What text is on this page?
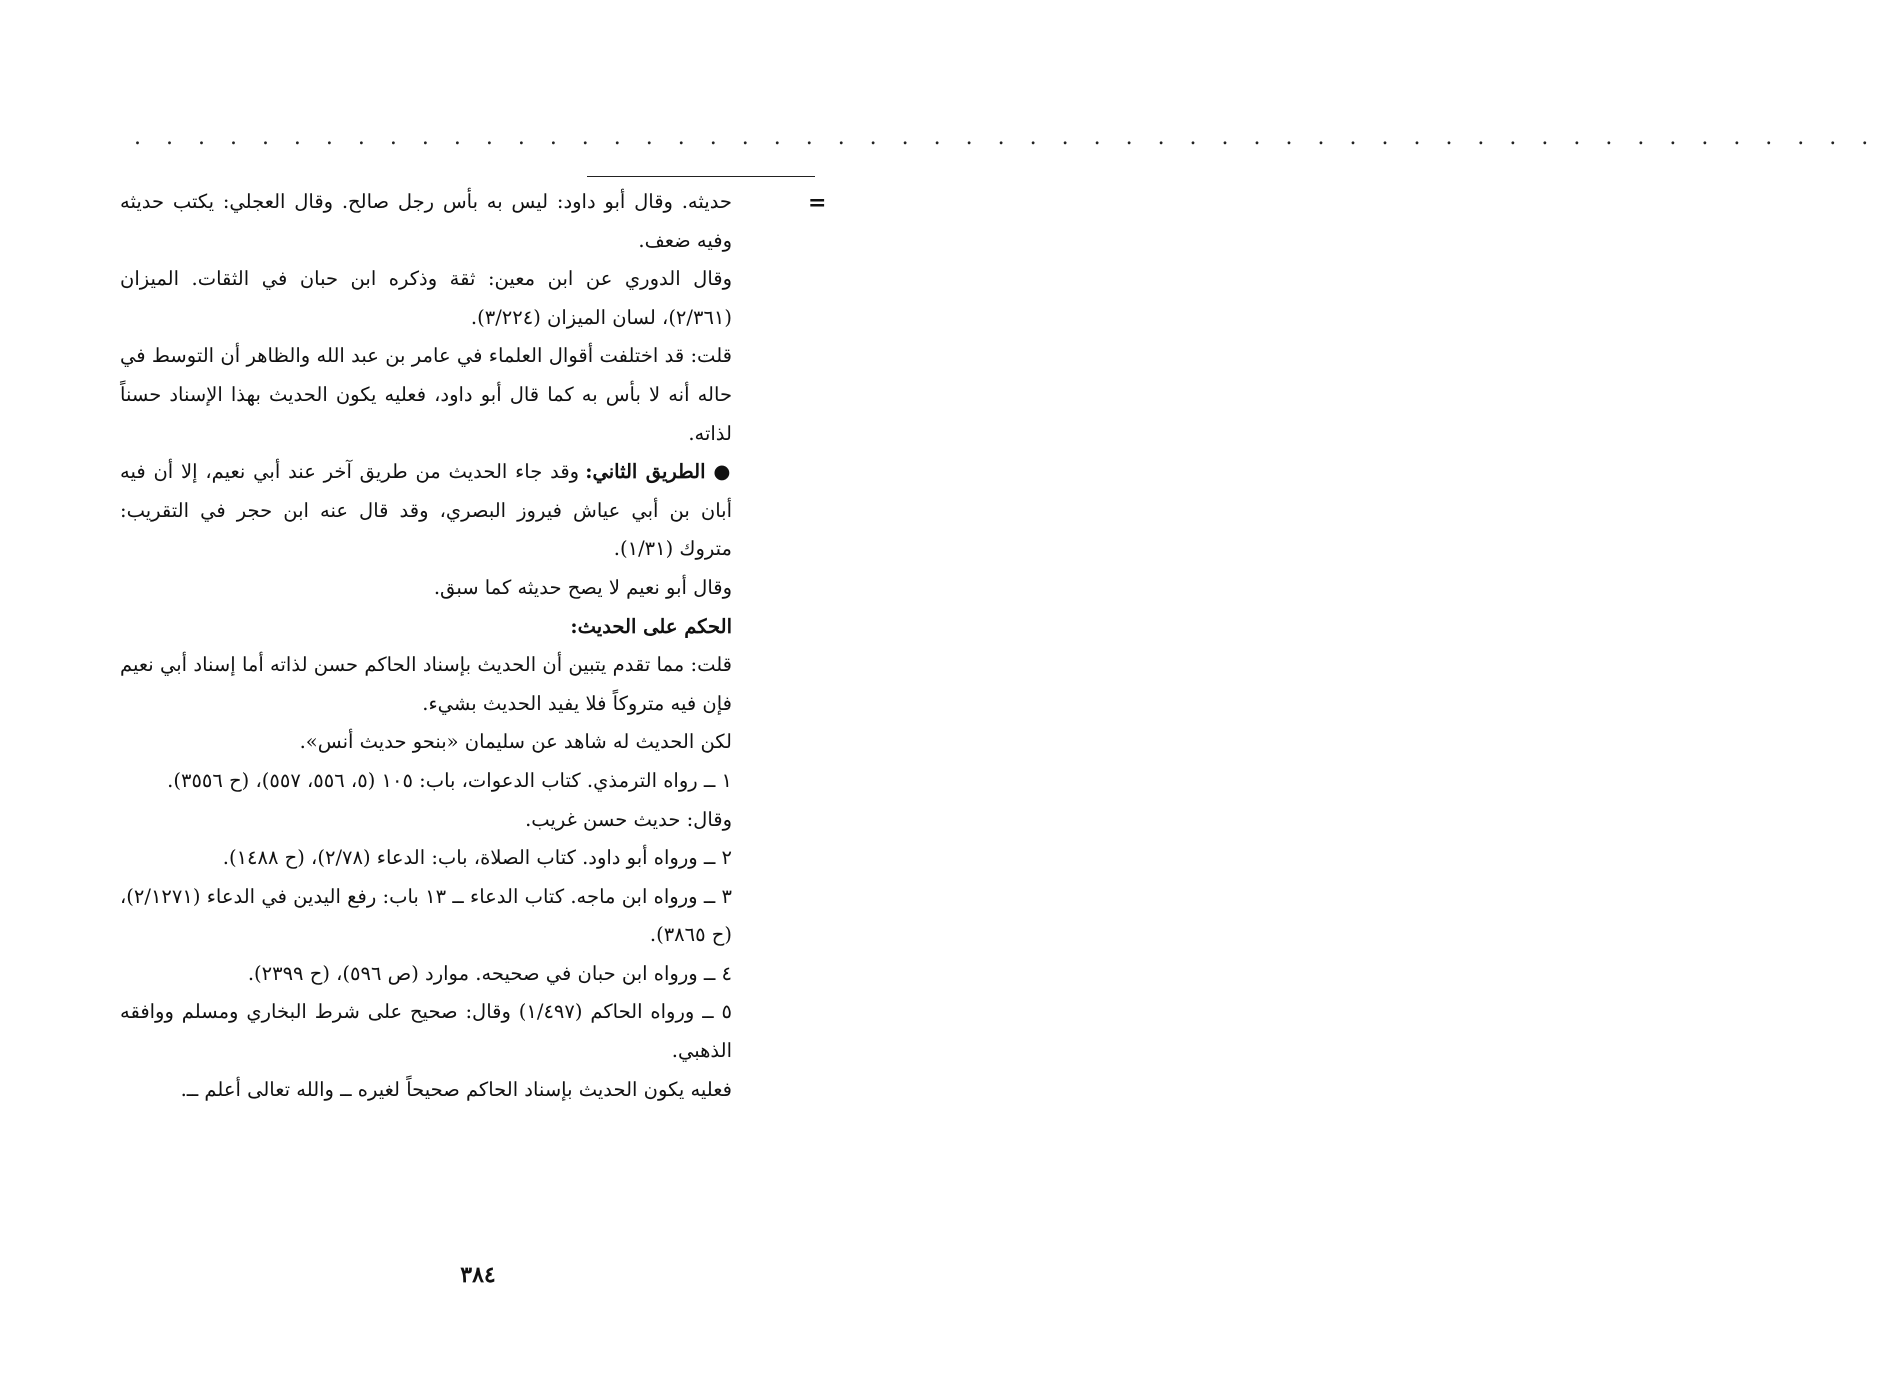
. . . . . . . . . . . . . . . . . . . . . . . . . . . . . . . . . . . . . . . . . . . . . . . . . . . . . . .
=

حديثه. وقال أبو داود: ليس به بأس رجل صالح. وقال العجلي: يكتب حديثه وفيه ضعف.

وقال الدوري عن ابن معين: ثقة وذكره ابن حبان في الثقات. الميزان (٢/٣٦١)، لسان الميزان (٣/٢٢٤).

قلت: قد اختلفت أقوال العلماء في عامر بن عبد الله والظاهر أن التوسط في حاله أنه لا بأس به كما قال أبو داود، فعليه يكون الحديث بهذا الإسناد حسناً لذاته.

● الطريق الثاني: وقد جاء الحديث من طريق آخر عند أبي نعيم، إلا أن فيه أبان بن أبي عياش فيروز البصري، وقد قال عنه ابن حجر في التقريب: متروك (١/٣١).

وقال أبو نعيم لا يصح حديثه كما سبق.

الحكم على الحديث:

قلت: مما تقدم يتبين أن الحديث بإسناد الحاكم حسن لذاته أما إسناد أبي نعيم فإن فيه متروكاً فلا يفيد الحديث بشيء.

لكن الحديث له شاهد عن سليمان «بنحو حديث أنس».

١ ــ رواه الترمذي. كتاب الدعوات، باب: ١٠٥ (٥، ٥٥٦، ٥٥٧)، (ح ٣٥٥٦).

وقال: حديث حسن غريب.

٢ ــ ورواه أبو داود. كتاب الصلاة، باب: الدعاء (٢/٧٨)، (ح ١٤٨٨).

٣ ــ ورواه ابن ماجه. كتاب الدعاء ــ ١٣ باب: رفع اليدين في الدعاء (٢/١٢٧١)، (ح ٣٨٦٥).

٤ ــ ورواه ابن حبان في صحيحه. موارد (ص ٥٩٦)، (ح ٢٣٩٩).

٥ ــ ورواه الحاكم (١/٤٩٧) وقال: صحيح على شرط البخاري ومسلم ووافقه الذهبي.

فعليه يكون الحديث بإسناد الحاكم صحيحاً لغيره ــ والله تعالى أعلم ــ.

٣٨٤
